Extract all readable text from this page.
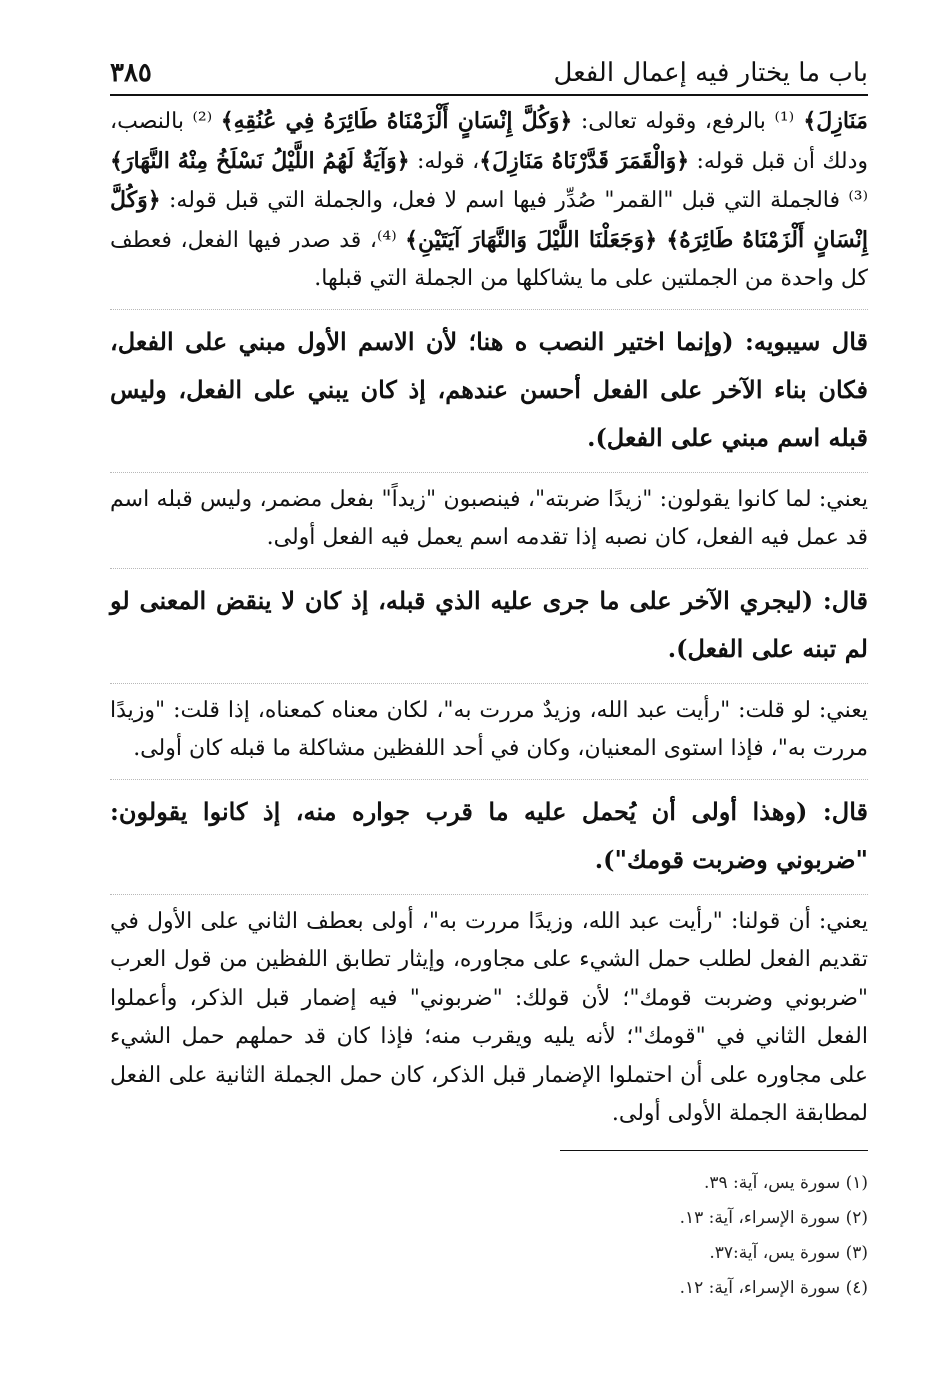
باب ما يختار فيه إعمال الفعل
٣٨٥

مَنَازِلَ﴾ ⁽¹⁾ بالرفع، وقوله تعالى: ﴿وَكُلَّ إِنْسَانٍ أَلْزَمْنَاهُ طَائِرَهُ فِي عُنُقِهِ﴾ ⁽²⁾ بالنصب، ودلك أن قبل قوله: ﴿وَالْقَمَرَ قَدَّرْنَاهُ مَنَازِلَ﴾، قوله: ﴿وَآيَةٌ لَهُمُ اللَّيْلُ نَسْلَخُ مِنْهُ النَّهَارَ﴾ ⁽³⁾ فالجملة التي قبل "القمر" صُدِّر فيها اسم لا فعل، والجملة التي قبل قوله: ﴿وَكُلَّ إِنْسَانٍ أَلْزَمْنَاهُ طَائِرَهُ﴾ ﴿وَجَعَلْنَا اللَّيْلَ وَالنَّهَارَ آيَتَيْنِ﴾ ⁽⁴⁾، قد صدر فيها الفعل، فعطف كل واحدة من الجملتين على ما يشاكلها من الجملة التي قبلها.

قال سيبويه: (وإنما اختير النصب ه هنا؛ لأن الاسم الأول مبني على الفعل، فكان بناء الآخر على الفعل أحسن عندهم، إذ كان يبني على الفعل، وليس قبله اسم مبني على الفعل).

يعني: لما كانوا يقولون: "زيدًا ضربته"، فينصبون "زيداً" بفعل مضمر، وليس قبله اسم قد عمل فيه الفعل، كان نصبه إذا تقدمه اسم يعمل فيه الفعل أولى.

قال: (ليجري الآخر على ما جرى عليه الذي قبله، إذ كان لا ينقض المعنى لو لم تبنه على الفعل).

يعني: لو قلت: "رأيت عبد الله، وزيدٌ مررت به"، لكان معناه كمعناه، إذا قلت: "وزيدًا مررت به"، فإذا استوى المعنيان، وكان في أحد اللفظين مشاكلة ما قبله كان أولى.

قال: (وهذا أولى أن يُحمل عليه ما قرب جواره منه، إذ كانوا يقولون: "ضربوني وضربت قومك").

يعني: أن قولنا: "رأيت عبد الله، وزيدًا مررت به"، أولى بعطف الثاني على الأول في تقديم الفعل لطلب حمل الشيء على مجاوره، وإيثار تطابق اللفظين من قول العرب "ضربوني وضربت قومك"؛ لأن قولك: "ضربوني" فيه إضمار قبل الذكر، وأعملوا الفعل الثاني في "قومك"؛ لأنه يليه ويقرب منه؛ فإذا كان قد حملهم حمل الشيء على مجاوره على أن احتملوا الإضمار قبل الذكر، كان حمل الجملة الثانية على الفعل لمطابقة الجملة الأولى أولى.

(١) سورة يس، آية: ٣٩.
(٢) سورة الإسراء، آية: ١٣.
(٣) سورة يس، آية:٣٧.
(٤) سورة الإسراء، آية: ١٢.
